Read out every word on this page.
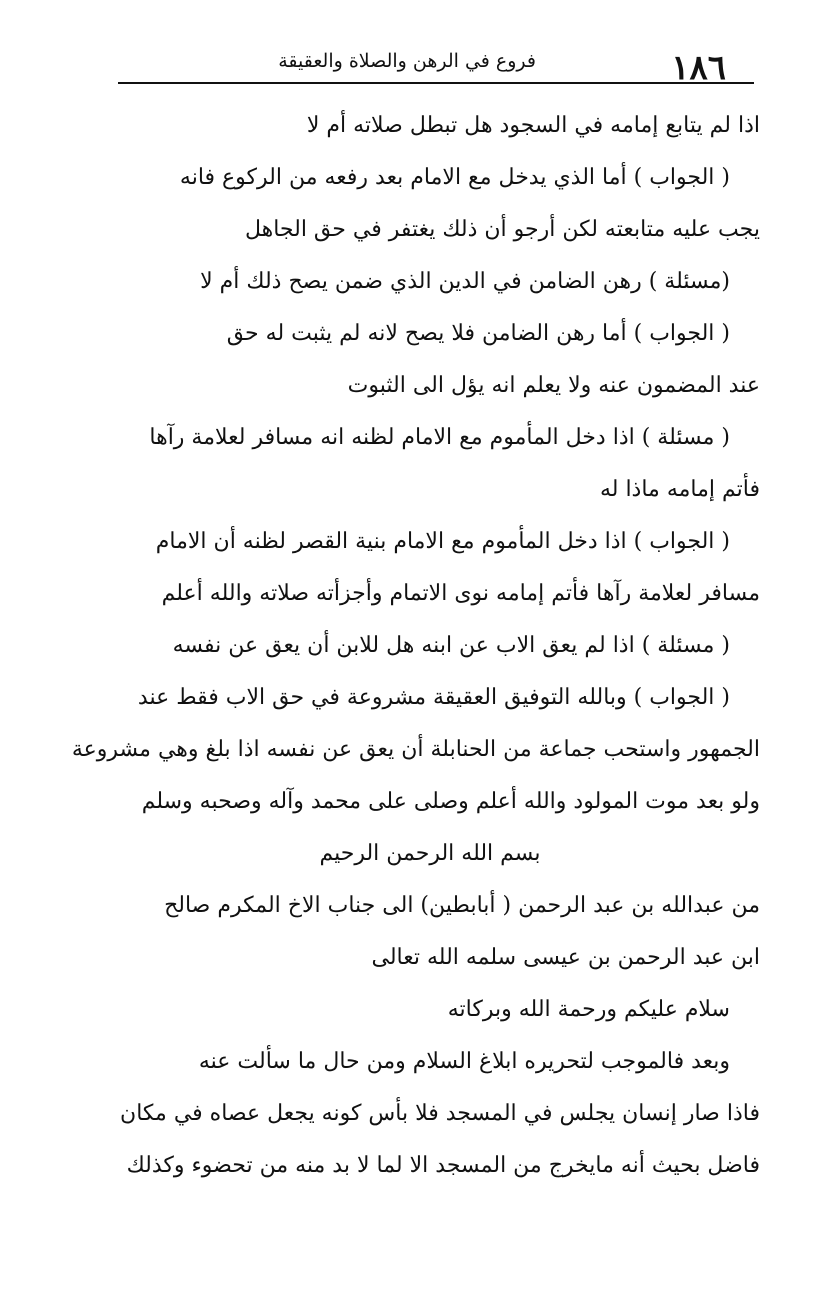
١٨٦
فروع في الرهن والصلاة والعقيقة
اذا لم يتابع إمامه في السجود هل تبطل صلاته أم لا
( الجواب ) أما الذي يدخل مع الامام بعد رفعه من الركوع فانه
يجب عليه متابعته لكن أرجو أن ذلك يغتفر في حق الجاهل
(مسئلة ) رهن الضامن في الدين الذي ضمن يصح ذلك أم لا
( الجواب ) أما رهن الضامن فلا يصح لانه لم يثبت له حق
عند المضمون عنه ولا يعلم انه يؤل الى الثبوت
( مسئلة ) اذا دخل المأموم مع الامام لظنه انه مسافر لعلامة رآها
فأتم إمامه ماذا له
( الجواب ) اذا دخل المأموم مع الامام بنية القصر لظنه أن الامام
مسافر لعلامة رآها فأتم إمامه نوى الاتمام وأجزأته صلاته والله أعلم
( مسئلة ) اذا لم يعق الاب عن ابنه هل للابن أن يعق عن نفسه
( الجواب ) وبالله التوفيق العقيقة مشروعة في حق الاب فقط عند
الجمهور واستحب جماعة من الحنابلة أن يعق عن نفسه اذا بلغ وهي مشروعة
ولو بعد موت المولود والله أعلم وصلى على محمد وآله وصحبه وسلم
بسم الله الرحمن الرحيم
من عبدالله بن عبد الرحمن ( أبابطين) الى جناب الاخ المكرم صالح
ابن عبد الرحمن بن عيسى سلمه الله تعالى
سلام عليكم ورحمة الله وبركاته
وبعد فالموجب لتحريره ابلاغ السلام ومن حال ما سألت عنه
فاذا صار إنسان يجلس في المسجد فلا بأس كونه يجعل عصاه في مكان
فاضل بحيث أنه مايخرج من المسجد الا لما لا بد منه من تحضوء وكذلك
